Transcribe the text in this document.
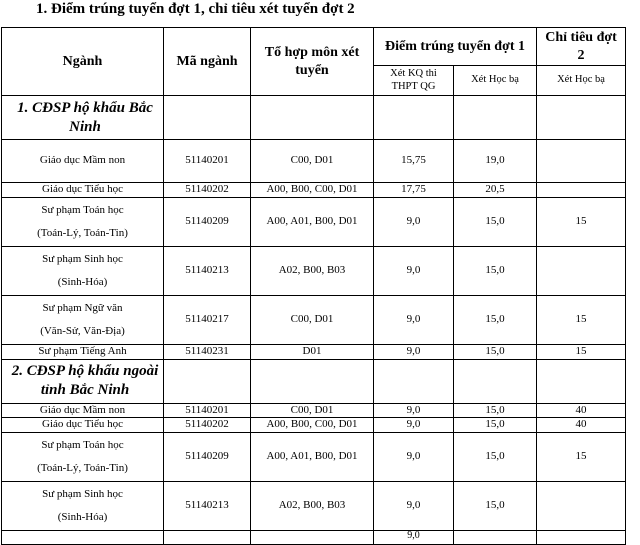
1. Điểm trúng tuyển đợt 1, chỉ tiêu xét tuyển đợt 2
Ngành	Mã ngành	Tổ hợp môn xét tuyển	Điểm trúng tuyển đợt 1		Chỉ tiêu đợt 2
			Xét KQ thi THPT QG	Xét Học bạ	Xét Học bạ
1. CĐSP hộ khẩu Bắc Ninh					
Giáo dục Mầm non	51140201	C00, D01	15,75	19,0	
Giáo dục Tiểu học	51140202	A00, B00, C00, D01	17,75	20,5	

Sư phạm Toán học
(Toán-Lý, Toán-Tin)	51140209	A00, A01, B00, D01	9,0	15,0	15

Sư phạm Sinh học
(Sinh-Hóa)	51140213	A02, B00, B03	9,0	15,0	

Sư phạm Ngữ văn
(Văn-Sử, Văn-Địa)	51140217	C00, D01	9,0	15,0	15
Sư phạm Tiếng Anh	51140231	D01	9,0	15,0	15
2. CĐSP hộ khẩu ngoài tỉnh Bắc Ninh					
Giáo dục Mầm non	51140201	C00, D01	9,0	15,0	40
Giáo dục Tiểu học	51140202	A00, B00, C00, D01	9,0	15,0	40

Sư phạm Toán học
(Toán-Lý, Toán-Tin)	51140209	A00, A01, B00, D01	9,0	15,0	15

Sư phạm Sinh học
(Sinh-Hóa)	51140213	A02, B00, B03	9,0	15,0	
			9,0		
